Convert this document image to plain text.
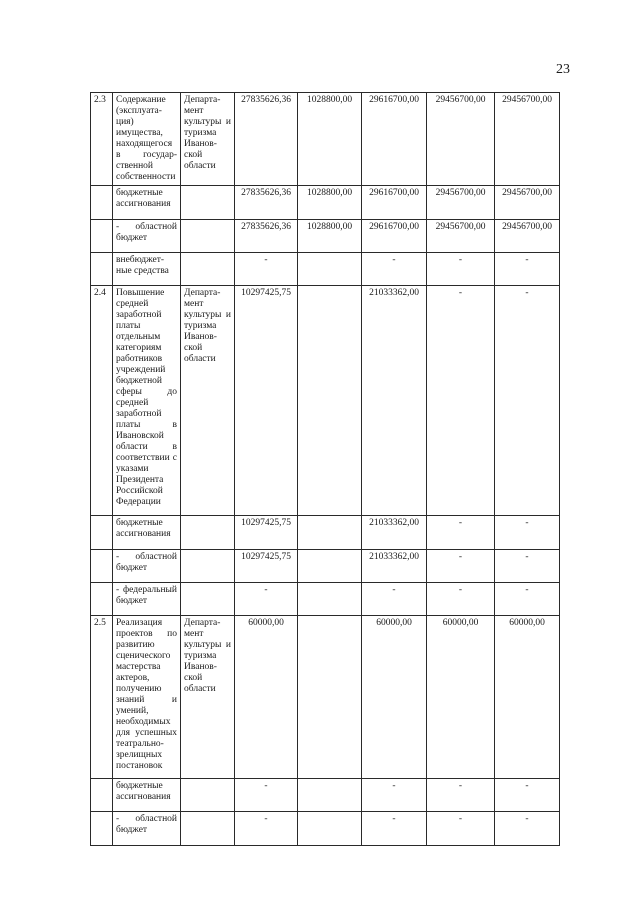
23
2.3	Содержание (эксплуата-ция) имущества, находящегося в государ-ственной собственности	Департа-мент культуры и туризма Иванов-ской области	27835626,36	1028800,00	29616700,00	29456700,00	29456700,00
	бюджетные ассигнования		27835626,36	1028800,00	29616700,00	29456700,00	29456700,00
	- областной бюджет		27835626,36	1028800,00	29616700,00	29456700,00	29456700,00
	внебюджет-ные средства		-		-	-	-
2.4	Повышение средней заработной платы отдельным категориям работников учреждений бюджетной сферы до средней заработной платы в Ивановской области в соответствии с указами Президента Российской Федерации	Департа-мент культуры и туризма Иванов-ской области	10297425,75		21033362,00	-	-
	бюджетные ассигнования		10297425,75		21033362,00	-	-
	- областной бюджет		10297425,75		21033362,00	-	-
	- федеральный бюджет		-		-	-	-
2.5	Реализация проектов по развитию сценического мастерства актеров, получению знаний и умений, необходимых для успешных театрально-зрелищных постановок	Департа-мент культуры и туризма Иванов-ской области	60000,00		60000,00	60000,00	60000,00
	бюджетные ассигнования		-		-	-	-
	- областной бюджет		-		-	-	-
